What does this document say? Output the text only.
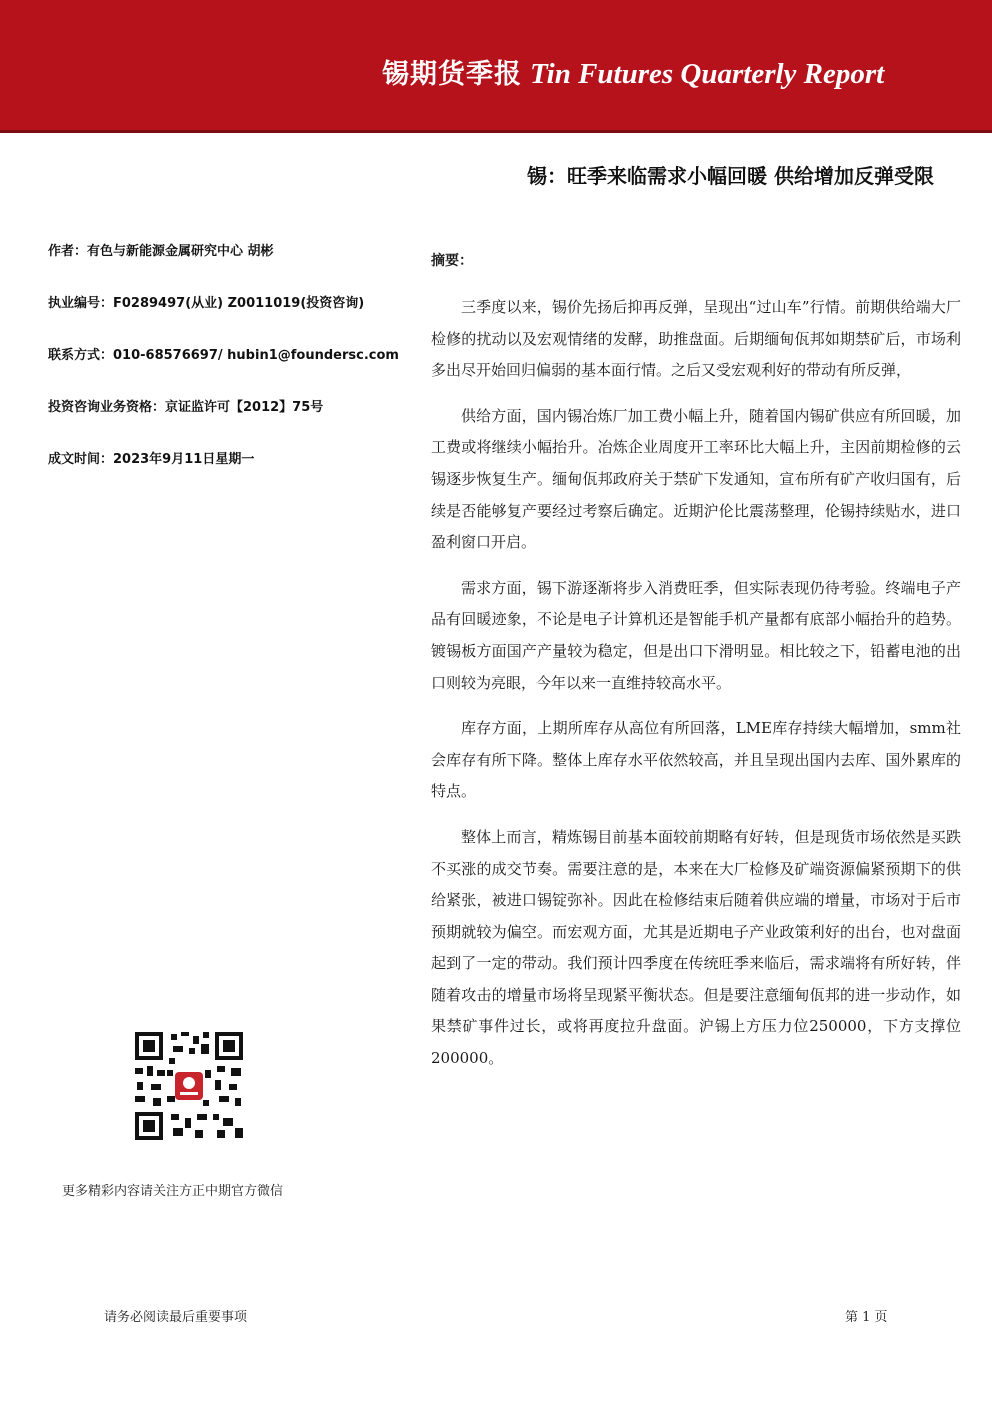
锡期货季报 Tin Futures Quarterly Report
锡：旺季来临需求小幅回暖 供给增加反弹受限
作者：有色与新能源金属研究中心 胡彬
执业编号：F0289497(从业) Z0011019(投资咨询)
联系方式：010-68576697/ hubin1@foundersc.com
投资咨询业务资格：京证监许可【2012】75号
成文时间：2023年9月11日星期一
摘要：

三季度以来，锡价先扬后抑再反弹，呈现出“过山车”行情。前期供给端大厂检修的扰动以及宏观情绪的发酵，助推盘面。后期缅甸佤邦如期禁矿后，市场利多出尽开始回归偏弱的基本面行情。之后又受宏观利好的带动有所反弹，

供给方面，国内锡冶炼厂加工费小幅上升，随着国内锡矿供应有所回暖，加工费或将继续小幅抬升。冶炼企业周度开工率环比大幅上升，主因前期检修的云锡逐步恢复生产。缅甸佤邦政府关于禁矿下发通知，宣布所有矿产收归国有，后续是否能够复产要经过考察后确定。近期沪伦比震荡整理，伦锡持续贴水，进口盈利窗口开启。

需求方面，锡下游逐渐将步入消费旺季，但实际表现仍待考验。终端电子产品有回暖迹象，不论是电子计算机还是智能手机产量都有底部小幅抬升的趋势。镀锡板方面国产产量较为稳定，但是出口下滑明显。相比较之下，铅蓄电池的出口则较为亮眼，今年以来一直维持较高水平。

库存方面，上期所库存从高位有所回落，LME库存持续大幅增加，smm社会库存有所下降。整体上库存水平依然较高，并且呈现出国内去库、国外累库的特点。

整体上而言，精炼锡目前基本面较前期略有好转，但是现货市场依然是买跌不买涨的成交节奏。需要注意的是，本来在大厂检修及矿端资源偏紧预期下的供给紧张，被进口锡锭弥补。因此在检修结束后随着供应端的增量，市场对于后市预期就较为偏空。而宏观方面，尤其是近期电子产业政策利好的出台，也对盘面起到了一定的带动。我们预计四季度在传统旺季来临后，需求端将有所好转，伴随着攻击的增量市场将呈现紧平衡状态。但是要注意缅甸佤邦的进一步动作，如果禁矿事件过长，或将再度拉升盘面。沪锡上方压力位250000，下方支撑位200000。

更多精彩内容请关注方正中期官方微信
请务必阅读最后重要事项	第 1 页
